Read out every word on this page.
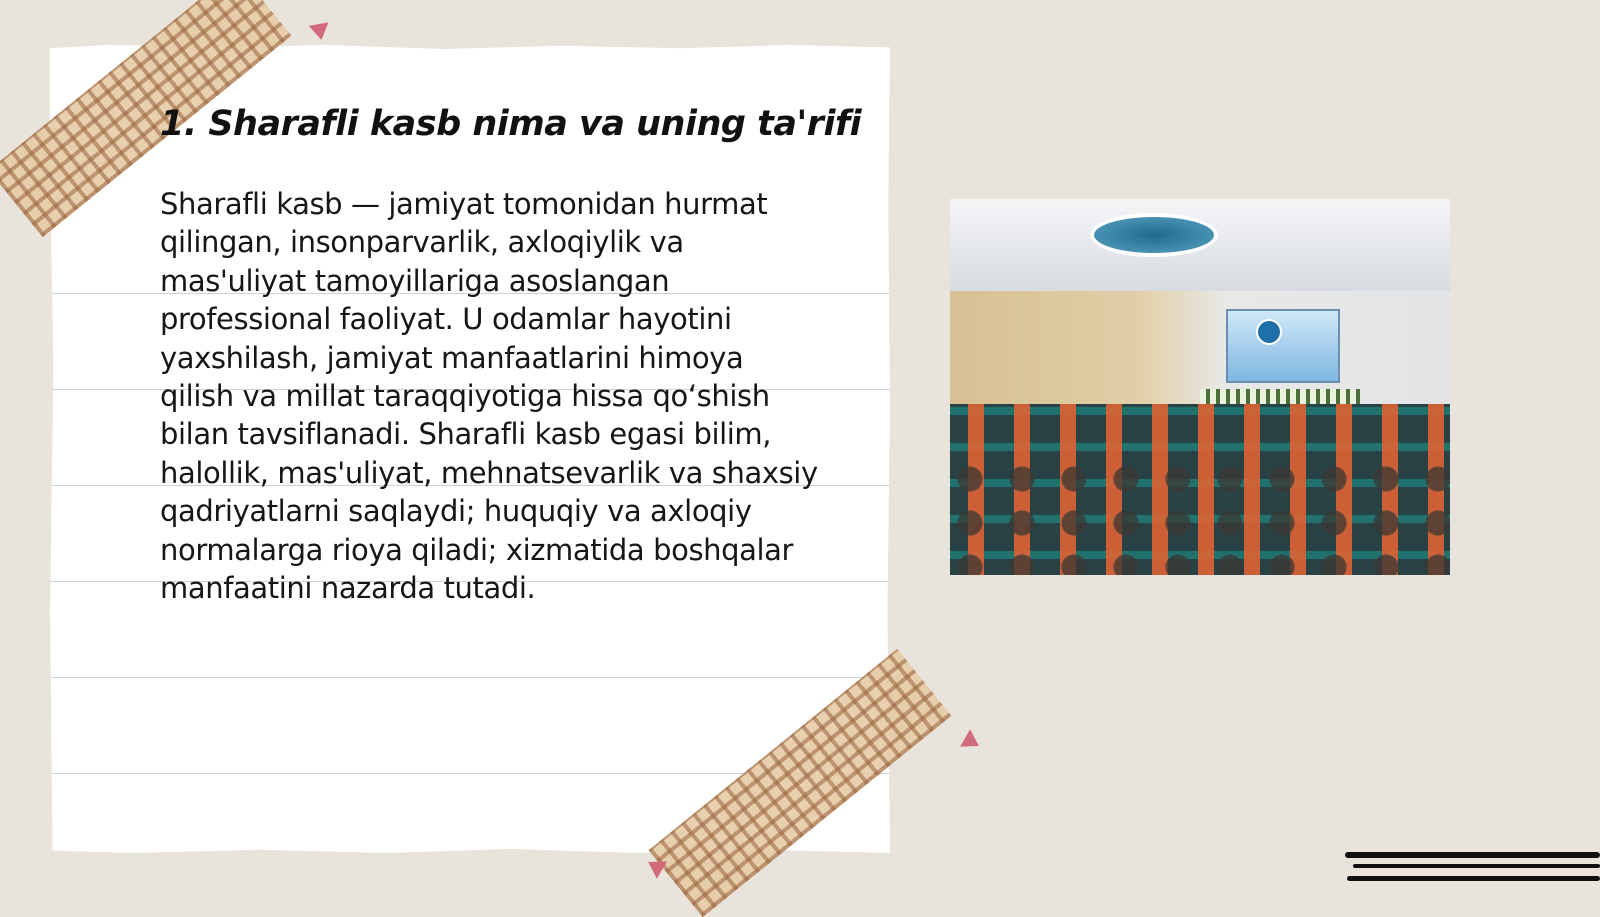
1. Sharafli kasb nima va uning ta'rifi

Sharafli kasb — jamiyat tomonidan hurmat qilingan, insonparvarlik, axloqiylik va mas'uliyat tamoyillariga asoslangan professional faoliyat. U odamlar hayotini yaxshilash, jamiyat manfaatlarini himoya qilish va millat taraqqiyotiga hissa qo‘shish bilan tavsiflanadi. Sharafli kasb egasi bilim, halollik, mas'uliyat, mehnatsevarlik va shaxsiy qadriyatlarni saqlaydi; huquqiy va axloqiy normalarga rioya qiladi; xizmatida boshqalar manfaatini nazarda tutadi.
